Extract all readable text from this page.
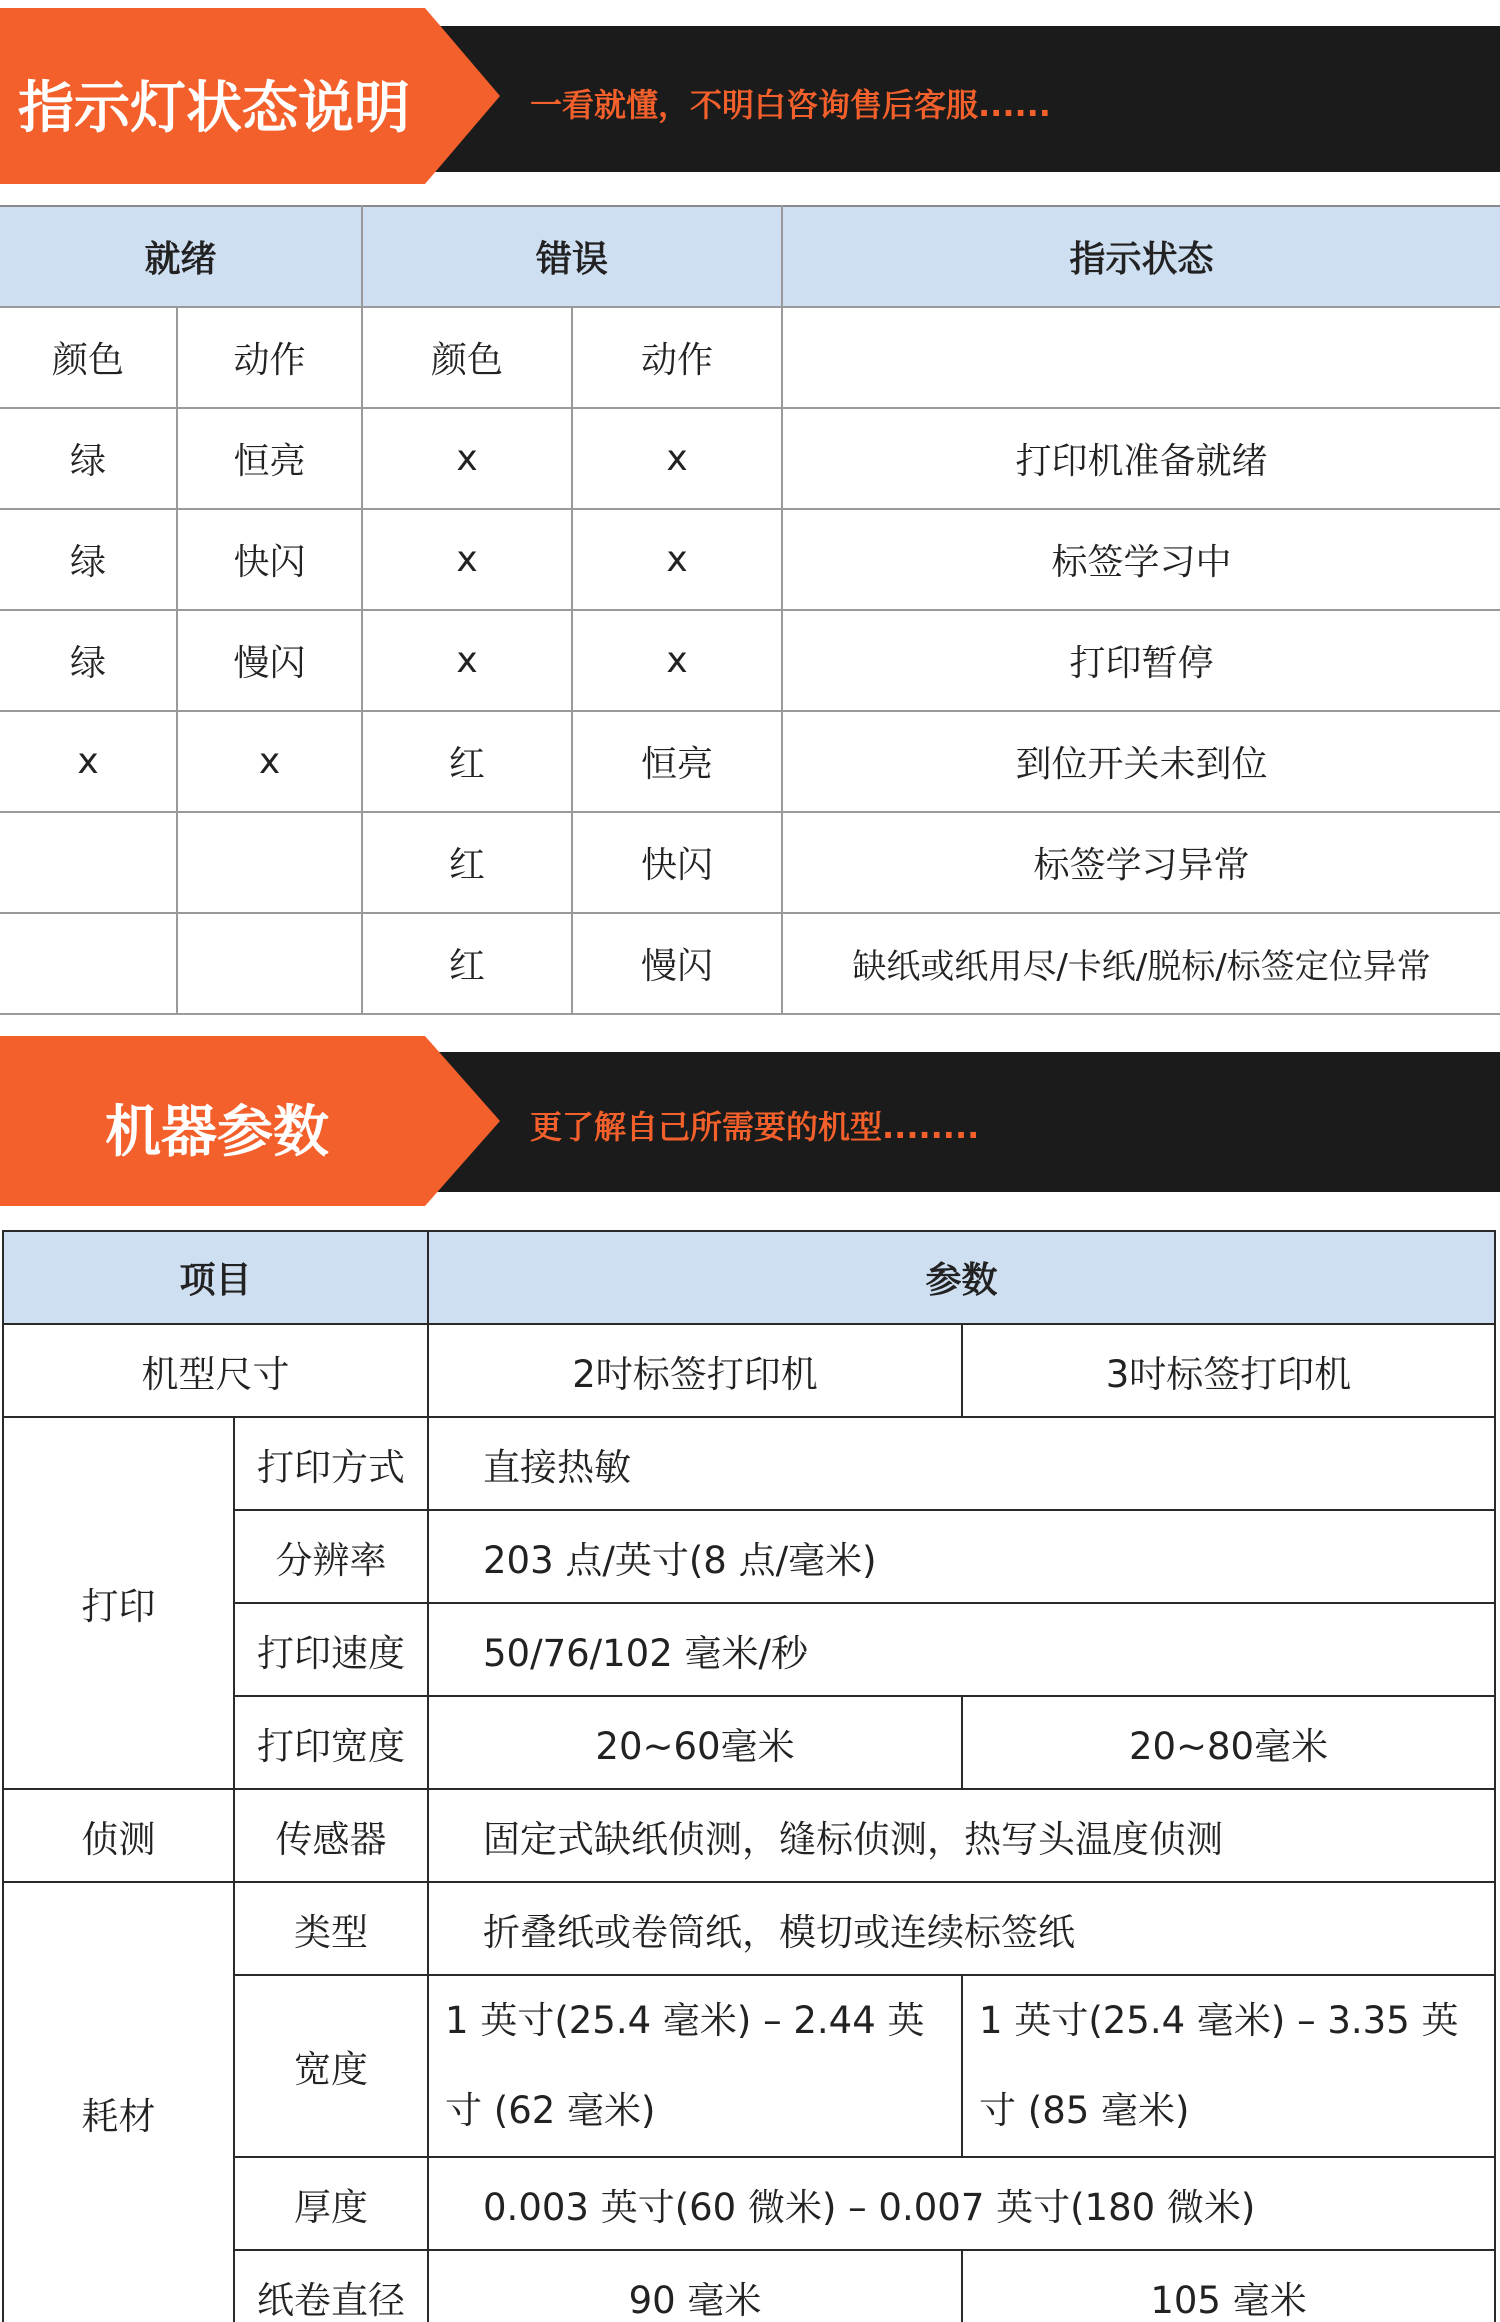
指示灯状态说明	一看就懂，不明白咨询售后客服......
就绪		错误		指示状态
颜色	动作	颜色	动作	
绿	恒亮	x	x	打印机准备就绪
绿	快闪	x	x	标签学习中
绿	慢闪	x	x	打印暂停
x	x	红	恒亮	到位开关未到位
		红	快闪	标签学习异常
		红	慢闪	缺纸或纸用尽/卡纸/脱标/标签定位异常
机器参数	更了解自己所需要的机型........
项目		参数	
机型尺寸		2吋标签打印机	3吋标签打印机
打印	打印方式	直接热敏	
	分辨率	203 点/英寸(8 点/毫米)	
	打印速度	50/76/102 毫米/秒	
	打印宽度	20~60毫米	20~80毫米
侦测	传感器	固定式缺纸侦测，缝标侦测，热写头温度侦测	
耗材	类型	折叠纸或卷筒纸，模切或连续标签纸	
	宽度	1 英寸(25.4 毫米) – 2.44 英寸 (62 毫米)	1 英寸(25.4 毫米) – 3.35 英寸 (85 毫米)
	厚度	0.003 英寸(60 微米) – 0.007 英寸(180 微米)	
	纸卷直径	90 毫米	105 毫米
